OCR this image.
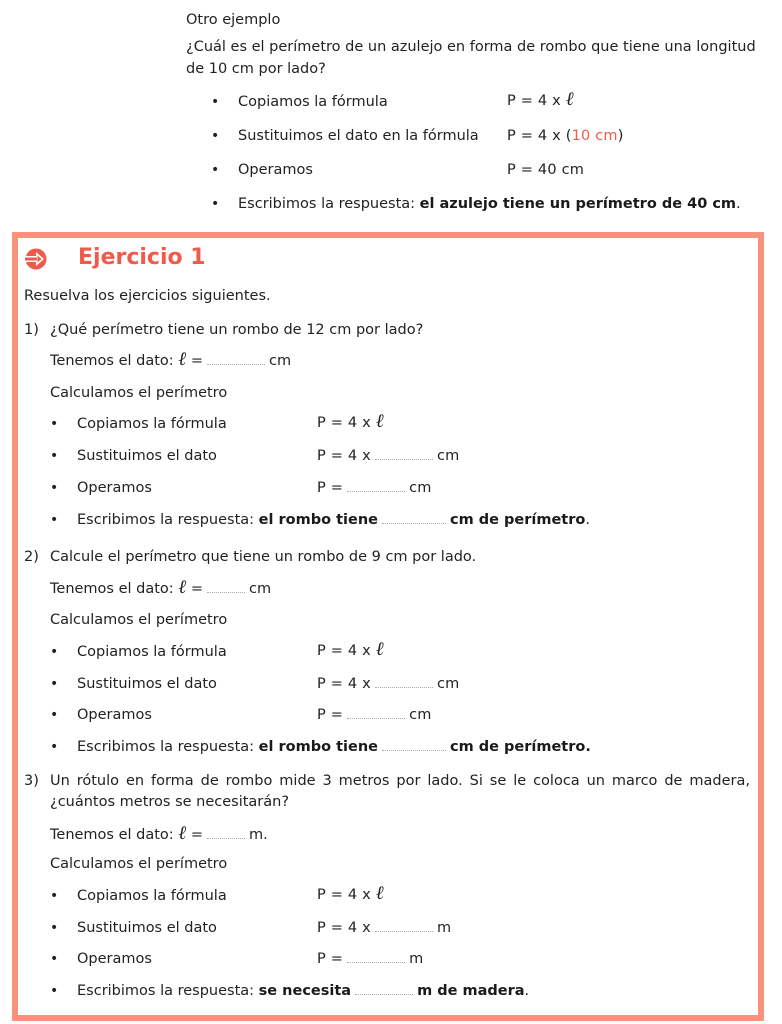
Otro ejemplo
¿Cuál es el perímetro de un azulejo en forma de rombo que tiene una longitud
de 10 cm por lado?
• Copiamos la fórmula	P = 4 x ℓ
• Sustituimos el dato en la fórmula P = 4 x (10 cm)
• Operamos	P = 40 cm
• Escribimos la respuesta: el azulejo tiene un perímetro de 40 cm.
Ejercicio 1
Resuelva los ejercicios siguientes.
1) ¿Qué perímetro tiene un rombo de 12 cm por lado?
Tenemos el dato: ℓ =	cm
Calculamos el perímetro
• Copiamos la fórmula	P = 4 x ℓ
• Sustituimos el dato	P = 4 x	cm
• Operamos	P =	cm
• Escribimos la respuesta: el rombo tiene	cm de perímetro.
2) Calcule el perímetro que tiene un rombo de 9 cm por lado.
Tenemos el dato: ℓ =	cm
Calculamos el perímetro
• Copiamos la fórmula	P = 4 x ℓ
• Sustituimos el dato	P = 4 x	cm
• Operamos	P =	cm
• Escribimos la respuesta: el rombo tiene	cm de perímetro.
3) Un rótulo en forma de rombo mide 3 metros por lado. Si se le coloca un marco de madera,
¿cuántos metros se necesitarán?
Tenemos el dato: ℓ =	m.
Calculamos el perímetro
• Copiamos la fórmula	P = 4 x ℓ
• Sustituimos el dato	P = 4 x	m
• Operamos	P =	m
• Escribimos la respuesta: se necesita	m de madera.
